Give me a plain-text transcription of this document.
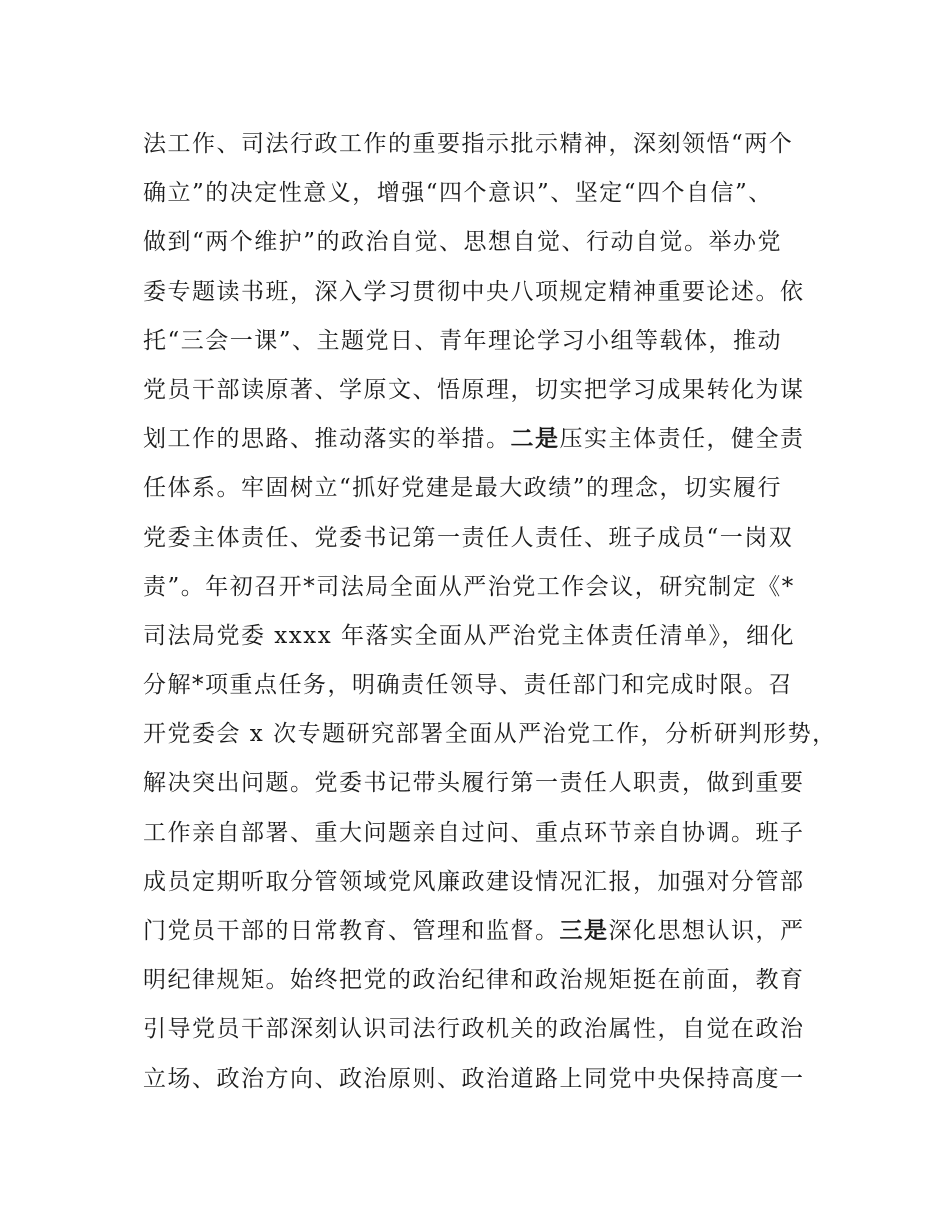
法工作、司法行政工作的重要指示批示精神，深刻领悟“两个
确立”的决定性意义，增强“四个意识”、坚定“四个自信”、
做到“两个维护”的政治自觉、思想自觉、行动自觉。举办党
委专题读书班，深入学习贯彻中央八项规定精神重要论述。依
托“三会一课”、主题党日、青年理论学习小组等载体，推动
党员干部读原著、学原文、悟原理，切实把学习成果转化为谋
划工作的思路、推动落实的举措。二是压实主体责任，健全责
任体系。牢固树立“抓好党建是最大政绩”的理念，切实履行
党委主体责任、党委书记第一责任人责任、班子成员“一岗双
责”。年初召开*司法局全面从严治党工作会议，研究制定《*
司法局党委 xxxx 年落实全面从严治党主体责任清单》，细化
分解*项重点任务，明确责任领导、责任部门和完成时限。召
开党委会 x 次专题研究部署全面从严治党工作，分析研判形势，
解决突出问题。党委书记带头履行第一责任人职责，做到重要
工作亲自部署、重大问题亲自过问、重点环节亲自协调。班子
成员定期听取分管领域党风廉政建设情况汇报，加强对分管部
门党员干部的日常教育、管理和监督。三是深化思想认识，严
明纪律规矩。始终把党的政治纪律和政治规矩挺在前面，教育
引导党员干部深刻认识司法行政机关的政治属性，自觉在政治
立场、政治方向、政治原则、政治道路上同党中央保持高度一
